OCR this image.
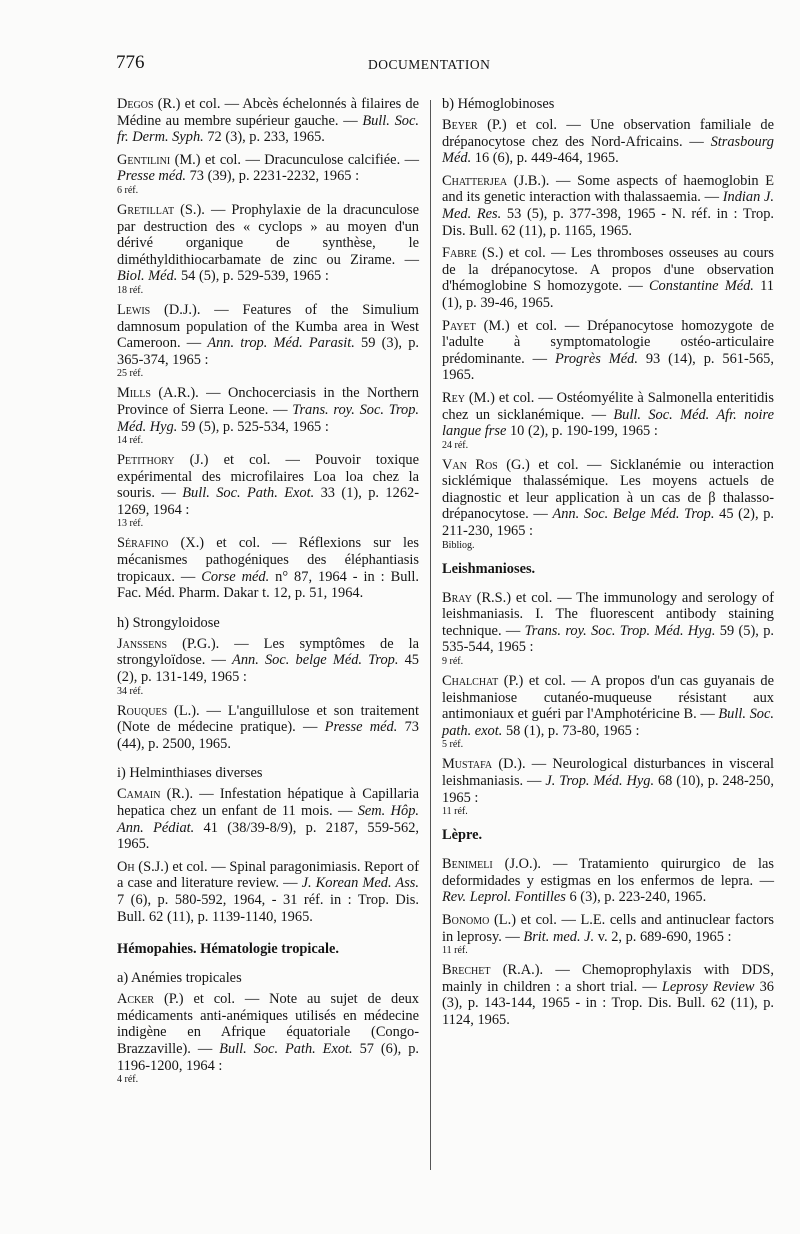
776	DOCUMENTATION

Degos (R.) et col. — Abcès échelonnés à filaires de Médine au membre supérieur gauche. — Bull. Soc. fr. Derm. Syph. 72 (3), p. 233, 1965.

Gentilini (M.) et col. — Dracunculose calcifiée. — Presse méd. 73 (39), p. 2231-2232, 1965 :
6 réf.

Gretillat (S.). — Prophylaxie de la dracunculose par destruction des « cyclops » au moyen d'un dérivé organique de synthèse, le diméthyldithiocarbamate de zinc ou Zirame. — Biol. Méd. 54 (5), p. 529-539, 1965 :
18 réf.

Lewis (D.J.). — Features of the Simulium damnosum population of the Kumba area in West Cameroon. — Ann. trop. Méd. Parasit. 59 (3), p. 365-374, 1965 :
25 réf.

Mills (A.R.). — Onchocerciasis in the Northern Province of Sierra Leone. — Trans. roy. Soc. Trop. Méd. Hyg. 59 (5), p. 525-534, 1965 :
14 réf.

Petithory (J.) et col. — Pouvoir toxique expérimental des microfilaires Loa loa chez la souris. — Bull. Soc. Path. Exot. 33 (1), p. 1262-1269, 1964 :
13 réf.

Sérafino (X.) et col. — Réflexions sur les mécanismes pathogéniques des éléphantiasis tropicaux. — Corse méd. n° 87, 1964 - in : Bull. Fac. Méd. Pharm. Dakar t. 12, p. 51, 1964.

h) Strongyloidose

Janssens (P.G.). — Les symptômes de la strongyloïdose. — Ann. Soc. belge Méd. Trop. 45 (2), p. 131-149, 1965 :
34 réf.

Rouques (L.). — L'anguillulose et son traitement (Note de médecine pratique). — Presse méd. 73 (44), p. 2500, 1965.

i) Helminthiases diverses

Camain (R.). — Infestation hépatique à Capillaria hepatica chez un enfant de 11 mois. — Sem. Hôp. Ann. Pédiat. 41 (38/39-8/9), p. 2187, 559-562, 1965.

Oh (S.J.) et col. — Spinal paragonimiasis. Report of a case and literature review. — J. Korean Med. Ass. 7 (6), p. 580-592, 1964, - 31 réf. in : Trop. Dis. Bull. 62 (11), p. 1139-1140, 1965.

Hémopahies. Hématologie tropicale.
a) Anémies tropicales

Acker (P.) et col. — Note au sujet de deux médicaments anti-anémiques utilisés en médecine indigène en Afrique équatoriale (Congo-Brazzaville). — Bull. Soc. Path. Exot. 57 (6), p. 1196-1200, 1964 :
4 réf.

b) Hémoglobinoses

Beyer (P.) et col. — Une observation familiale de drépanocytose chez des Nord-Africains. — Strasbourg Méd. 16 (6), p. 449-464, 1965.

Chatterjea (J.B.). — Some aspects of haemoglobin E and its genetic interaction with thalassaemia. — Indian J. Med. Res. 53 (5), p. 377-398, 1965 - N. réf. in : Trop. Dis. Bull. 62 (11), p. 1165, 1965.

Fabre (S.) et col. — Les thromboses osseuses au cours de la drépanocytose. A propos d'une observation d'hémoglobine S homozygote. — Constantine Méd. 11 (1), p. 39-46, 1965.

Payet (M.) et col. — Drépanocytose homozygote de l'adulte à symptomatologie ostéo-articulaire prédominante. — Progrès Méd. 93 (14), p. 561-565, 1965.

Rey (M.) et col. — Ostéomyélite à Salmonella enteritidis chez un sicklanémique. — Bull. Soc. Méd. Afr. noire langue frse 10 (2), p. 190-199, 1965 :
24 réf.

Van Ros (G.) et col. — Sicklanémie ou interaction sicklémique thalassémique. Les moyens actuels de diagnostic et leur application à un cas de β thalasso-drépanocytose. — Ann. Soc. Belge Méd. Trop. 45 (2), p. 211-230, 1965 :
Bibliog.

Leishmanioses.

Bray (R.S.) et col. — The immunology and serology of leishmaniasis. I. The fluorescent antibody staining technique. — Trans. roy. Soc. Trop. Méd. Hyg. 59 (5), p. 535-544, 1965 :
9 réf.

Chalchat (P.) et col. — A propos d'un cas guyanais de leishmaniose cutanéo-muqueuse résistant aux antimoniaux et guéri par l'Amphotéricine B. — Bull. Soc. path. exot. 58 (1), p. 73-80, 1965 :
5 réf.

Mustafa (D.). — Neurological disturbances in visceral leishmaniasis. — J. Trop. Méd. Hyg. 68 (10), p. 248-250, 1965 :
11 réf.

Lèpre.

Benimeli (J.O.). — Tratamiento quirurgico de las deformidades y estigmas en los enfermos de lepra. — Rev. Leprol. Fontilles 6 (3), p. 223-240, 1965.

Bonomo (L.) et col. — L.E. cells and antinuclear factors in leprosy. — Brit. med. J. v. 2, p. 689-690, 1965 :
11 réf.

Brechet (R.A.). — Chemoprophylaxis with DDS, mainly in children : a short trial. — Leprosy Review 36 (3), p. 143-144, 1965 - in : Trop. Dis. Bull. 62 (11), p. 1124, 1965.
